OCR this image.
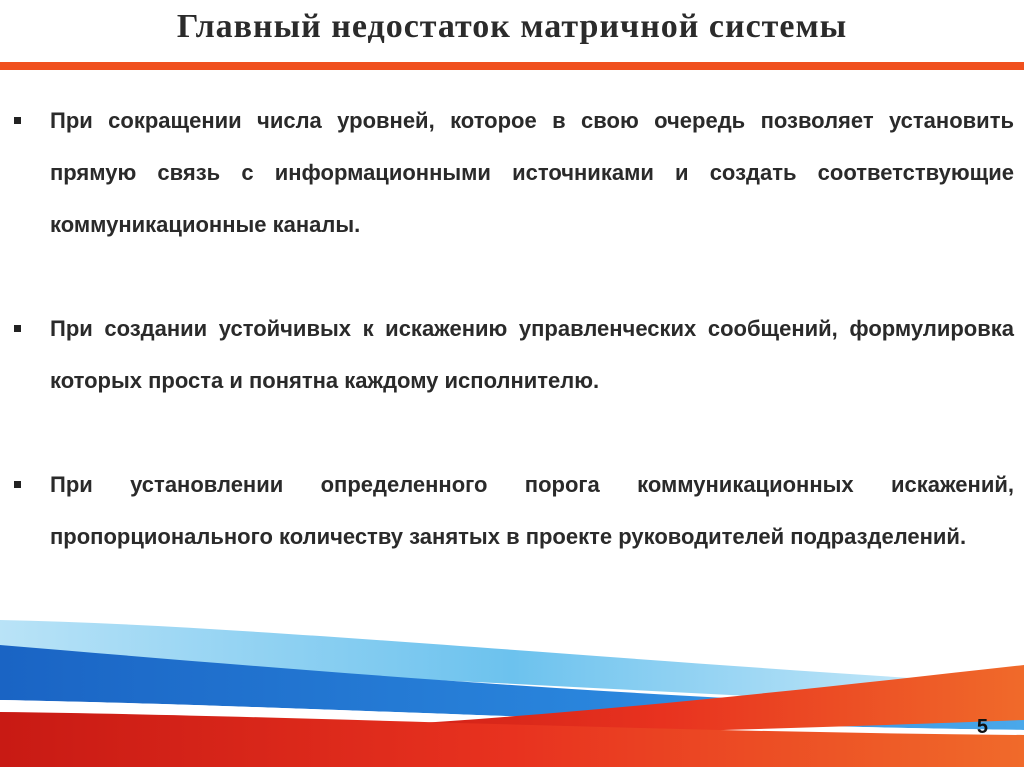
Главный недостаток матричной системы
При сокращении числа уровней, которое в свою очередь позволяет установить прямую связь с информационными источниками и создать соответствующие коммуникационные каналы.
При создании устойчивых к искажению управленческих сообщений, формулировка которых проста и понятна каждому исполнителю.
При установлении определенного порога коммуникационных искажений, пропорционального количеству занятых в проекте руководителей подразделений.
5
